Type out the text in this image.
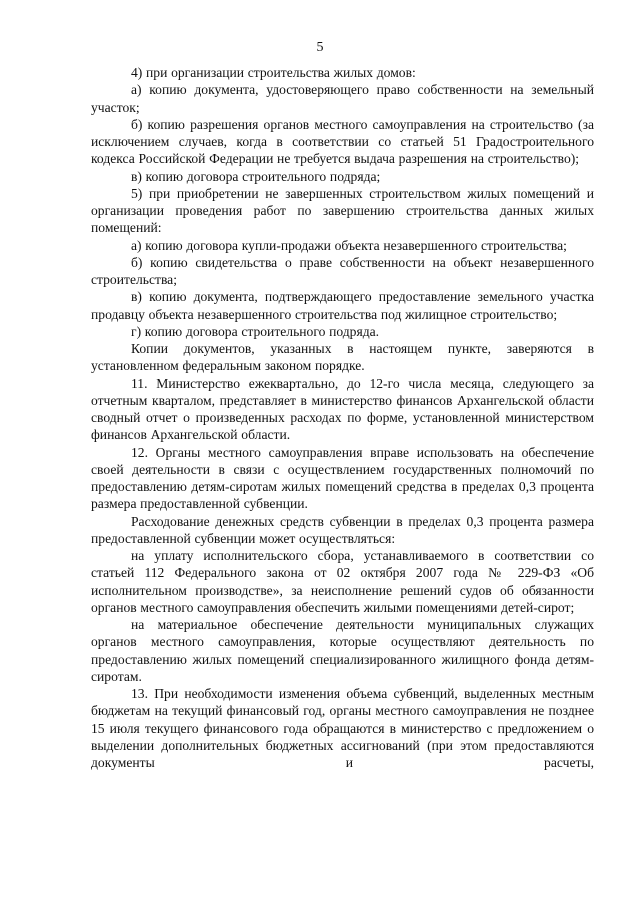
5

4) при организации строительства жилых домов:

а) копию документа, удостоверяющего право собственности на земельный участок;

б) копию разрешения органов местного самоуправления на строительство (за исключением случаев, когда в соответствии со статьей 51 Градостроительного кодекса Российской Федерации не требуется выдача разрешения на строительство);

в) копию договора строительного подряда;

5) при приобретении не завершенных строительством жилых помещений и организации проведения работ по завершению строительства данных жилых помещений:

а) копию договора купли-продажи объекта незавершенного строительства;

б) копию свидетельства о праве собственности на объект незавершенного строительства;

в) копию документа, подтверждающего предоставление земельного участка продавцу объекта незавершенного строительства под жилищное строительство;

г) копию договора строительного подряда.

Копии документов, указанных в настоящем пункте, заверяются в установленном федеральным законом порядке.

11. Министерство ежеквартально, до 12-го числа месяца, следующего за отчетным кварталом, представляет в министерство финансов Архангельской области сводный отчет о произведенных расходах по форме, установленной министерством финансов Архангельской области.

12. Органы местного самоуправления вправе использовать на обеспечение своей деятельности в связи с осуществлением государственных полномочий по предоставлению детям-сиротам жилых помещений средства в пределах 0,3 процента размера предоставленной субвенции.

Расходование денежных средств субвенции в пределах 0,3 процента размера предоставленной субвенции может осуществляться:

на уплату исполнительского сбора, устанавливаемого в соответствии со статьей 112 Федерального закона от 02 октября 2007 года № 229-ФЗ «Об исполнительном производстве», за неисполнение решений судов об обязанности органов местного самоуправления обеспечить жилыми помещениями детей-сирот;

на материальное обеспечение деятельности муниципальных служащих органов местного самоуправления, которые осуществляют деятельность по предоставлению жилых помещений специализированного жилищного фонда детям-сиротам.

13. При необходимости изменения объема субвенций, выделенных местным бюджетам на текущий финансовый год, органы местного самоуправления не позднее 15 июля текущего финансового года обращаются в министерство с предложением о выделении дополнительных бюджетных ассигнований (при этом предоставляются документы и расчеты,
